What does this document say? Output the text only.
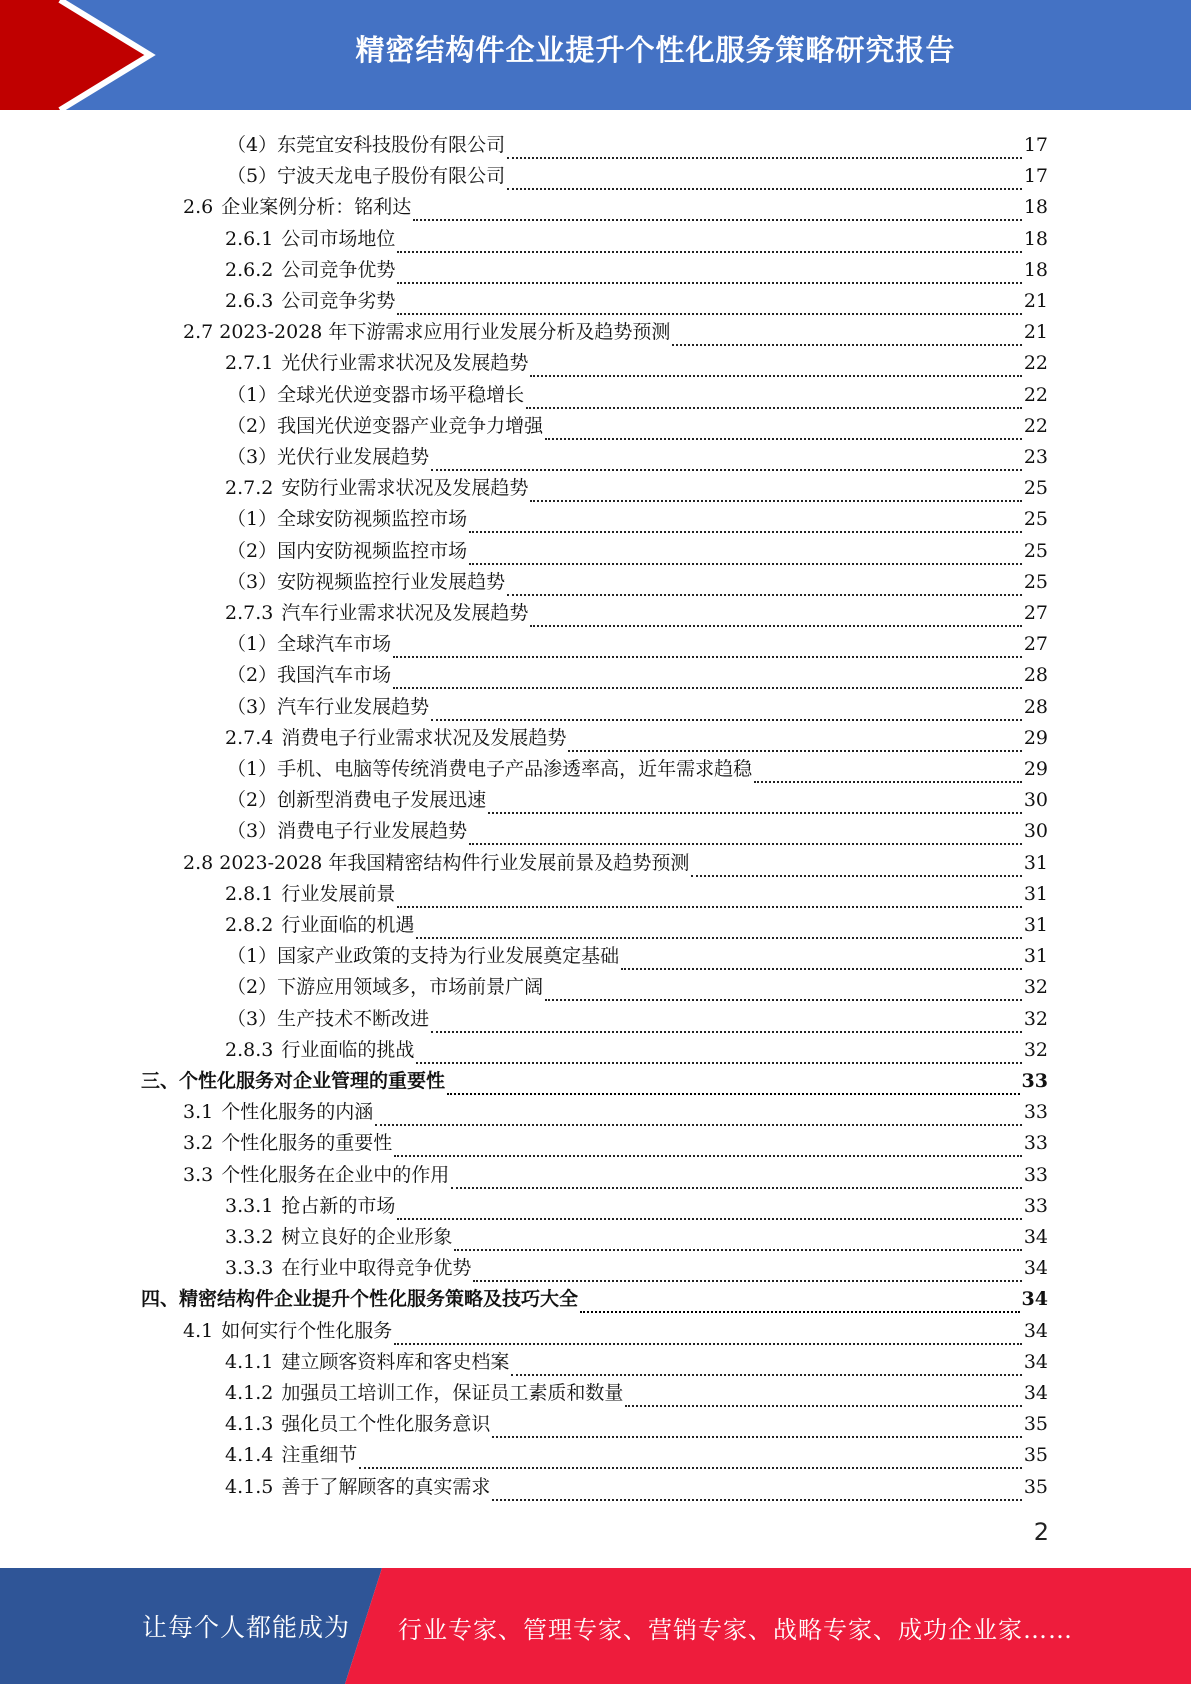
精密结构件企业提升个性化服务策略研究报告
（4）东莞宜安科技股份有限公司	17
（5）宁波天龙电子股份有限公司	17
2.6 企业案例分析：铭利达	18
2.6.1 公司市场地位	18
2.6.2 公司竞争优势	18
2.6.3 公司竞争劣势	21
2.7 2023-2028 年下游需求应用行业发展分析及趋势预测	21
2.7.1 光伏行业需求状况及发展趋势	22
（1）全球光伏逆变器市场平稳增长	22
（2）我国光伏逆变器产业竞争力增强	22
（3）光伏行业发展趋势	23
2.7.2 安防行业需求状况及发展趋势	25
（1）全球安防视频监控市场	25
（2）国内安防视频监控市场	25
（3）安防视频监控行业发展趋势	25
2.7.3 汽车行业需求状况及发展趋势	27
（1）全球汽车市场	27
（2）我国汽车市场	28
（3）汽车行业发展趋势	28
2.7.4 消费电子行业需求状况及发展趋势	29
（1）手机、电脑等传统消费电子产品渗透率高，近年需求趋稳	29
（2）创新型消费电子发展迅速	30
（3）消费电子行业发展趋势	30
2.8 2023-2028 年我国精密结构件行业发展前景及趋势预测	31
2.8.1 行业发展前景	31
2.8.2 行业面临的机遇	31
（1）国家产业政策的支持为行业发展奠定基础	31
（2）下游应用领域多，市场前景广阔	32
（3）生产技术不断改进	32
2.8.3 行业面临的挑战	32
三、个性化服务对企业管理的重要性	33
3.1 个性化服务的内涵	33
3.2 个性化服务的重要性	33
3.3 个性化服务在企业中的作用	33
3.3.1 抢占新的市场	33
3.3.2 树立良好的企业形象	34
3.3.3 在行业中取得竞争优势	34
四、精密结构件企业提升个性化服务策略及技巧大全	34
4.1 如何实行个性化服务	34
4.1.1 建立顾客资料库和客史档案	34
4.1.2 加强员工培训工作，保证员工素质和数量	34
4.1.3 强化员工个性化服务意识	35
4.1.4 注重细节	35
4.1.5 善于了解顾客的真实需求	35
2
让每个人都能成为 行业专家、管理专家、营销专家、战略专家、成功企业家……
